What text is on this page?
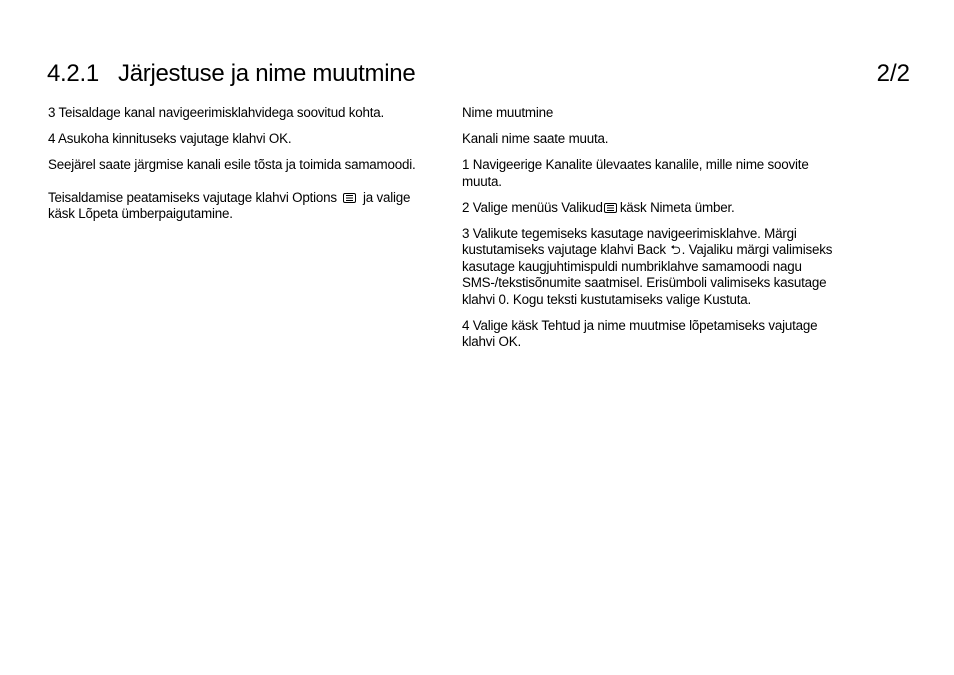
4.2.1 Järjestuse ja nime muutmine	2/2

3 Teisaldage kanal navigeerimisklahvidega soovitud kohta.

4 Asukoha kinnituseks vajutage klahvi OK.

Seejärel saate järgmise kanali esile tõsta ja toimida samamoodi.

Teisaldamise peatamiseks vajutage klahvi Options ja valige käsk Lõpeta ümberpaigutamine.

Nime muutmine

Kanali nime saate muuta.

1 Navigeerige Kanalite ülevaates kanalile, mille nime soovite muuta.

2 Valige menüüs Valikud käsk Nimeta ümber.

3 Valikute tegemiseks kasutage navigeerimisklahve. Märgi kustutamiseks vajutage klahvi Back ⮌. Vajaliku märgi valimiseks kasutage kaugjuhtimispuldi numbriklahve samamoodi nagu SMS-/tekstisõnumite saatmisel. Erisümboli valimiseks kasutage klahvi 0. Kogu teksti kustutamiseks valige Kustuta.

4 Valige käsk Tehtud ja nime muutmise lõpetamiseks vajutage klahvi OK.
